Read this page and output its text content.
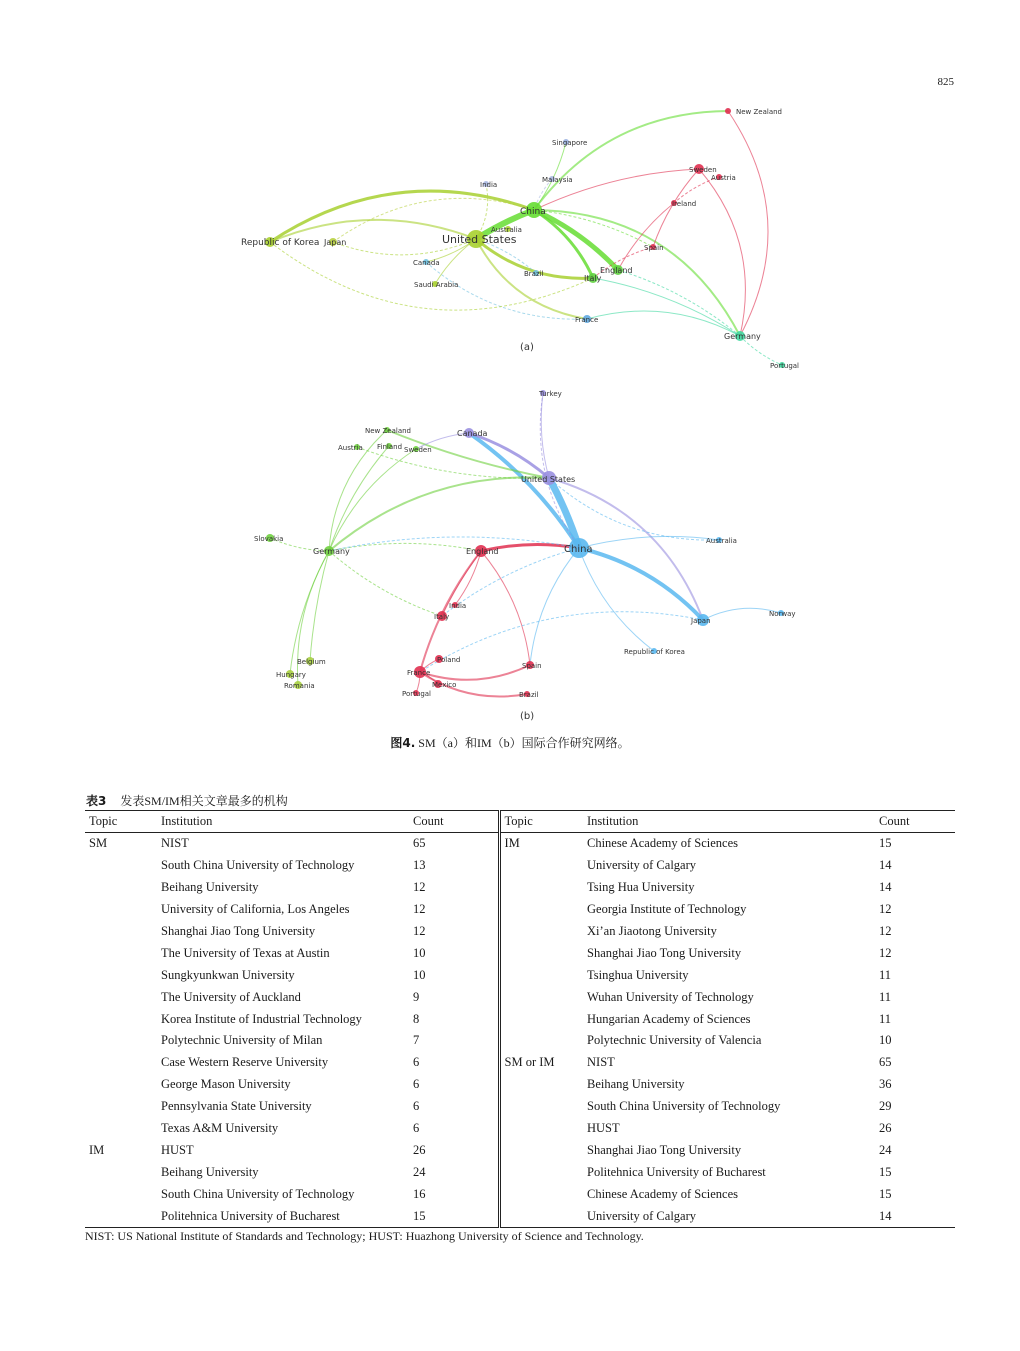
825
New Zealand
Singapore
Sweden
Austria
India
Malaysia
Ireland
China
Republic of Korea Japan
Australia
United States
Spain
Canada
Brazil	Italy
England
Saudi Arabia
France
Germany
Portugal
(a)
Turkey
New Zealand	Canada
Austria Finland Sweden
United States
Slovakia
Germany	England	China
Australia
India
Italy	Norway
Japan
Republic of Korea
Poland
Belgium
Hungary
Romania
France
Spain
Mexico
Portugal	Brazil
(b)
图4. SM（a）和IM（b）国际合作研究网络。
表3 发表SM/IM相关文章最多的机构
Topic	Institution	Count	Topic	Institution	Count
SM	NIST	65	IM	Chinese Academy of Sciences	15
	South China University of Technology	13		University of Calgary	14
	Beihang University	12		Tsing Hua University	14
	University of California, Los Angeles	12		Georgia Institute of Technology	12
	Shanghai Jiao Tong University	12		Xi’an Jiaotong University	12
	The University of Texas at Austin	10		Shanghai Jiao Tong University	12
	Sungkyunkwan University	10		Tsinghua University	11
	The University of Auckland	9		Wuhan University of Technology	11
	Korea Institute of Industrial Technology	8		Hungarian Academy of Sciences	11
	Polytechnic University of Milan	7		Polytechnic University of Valencia	10
	Case Western Reserve University	6	SM or IM	NIST	65
	George Mason University	6		Beihang University	36
	Pennsylvania State University	6		South China University of Technology	29
	Texas A&M University	6		HUST	26
IM	HUST	26		Shanghai Jiao Tong University	24
	Beihang University	24		Politehnica University of Bucharest	15
	South China University of Technology	16		Chinese Academy of Sciences	15
	Politehnica University of Bucharest	15		University of Calgary	14
NIST: US National Institute of Standards and Technology; HUST: Huazhong University of Science and Technology.
